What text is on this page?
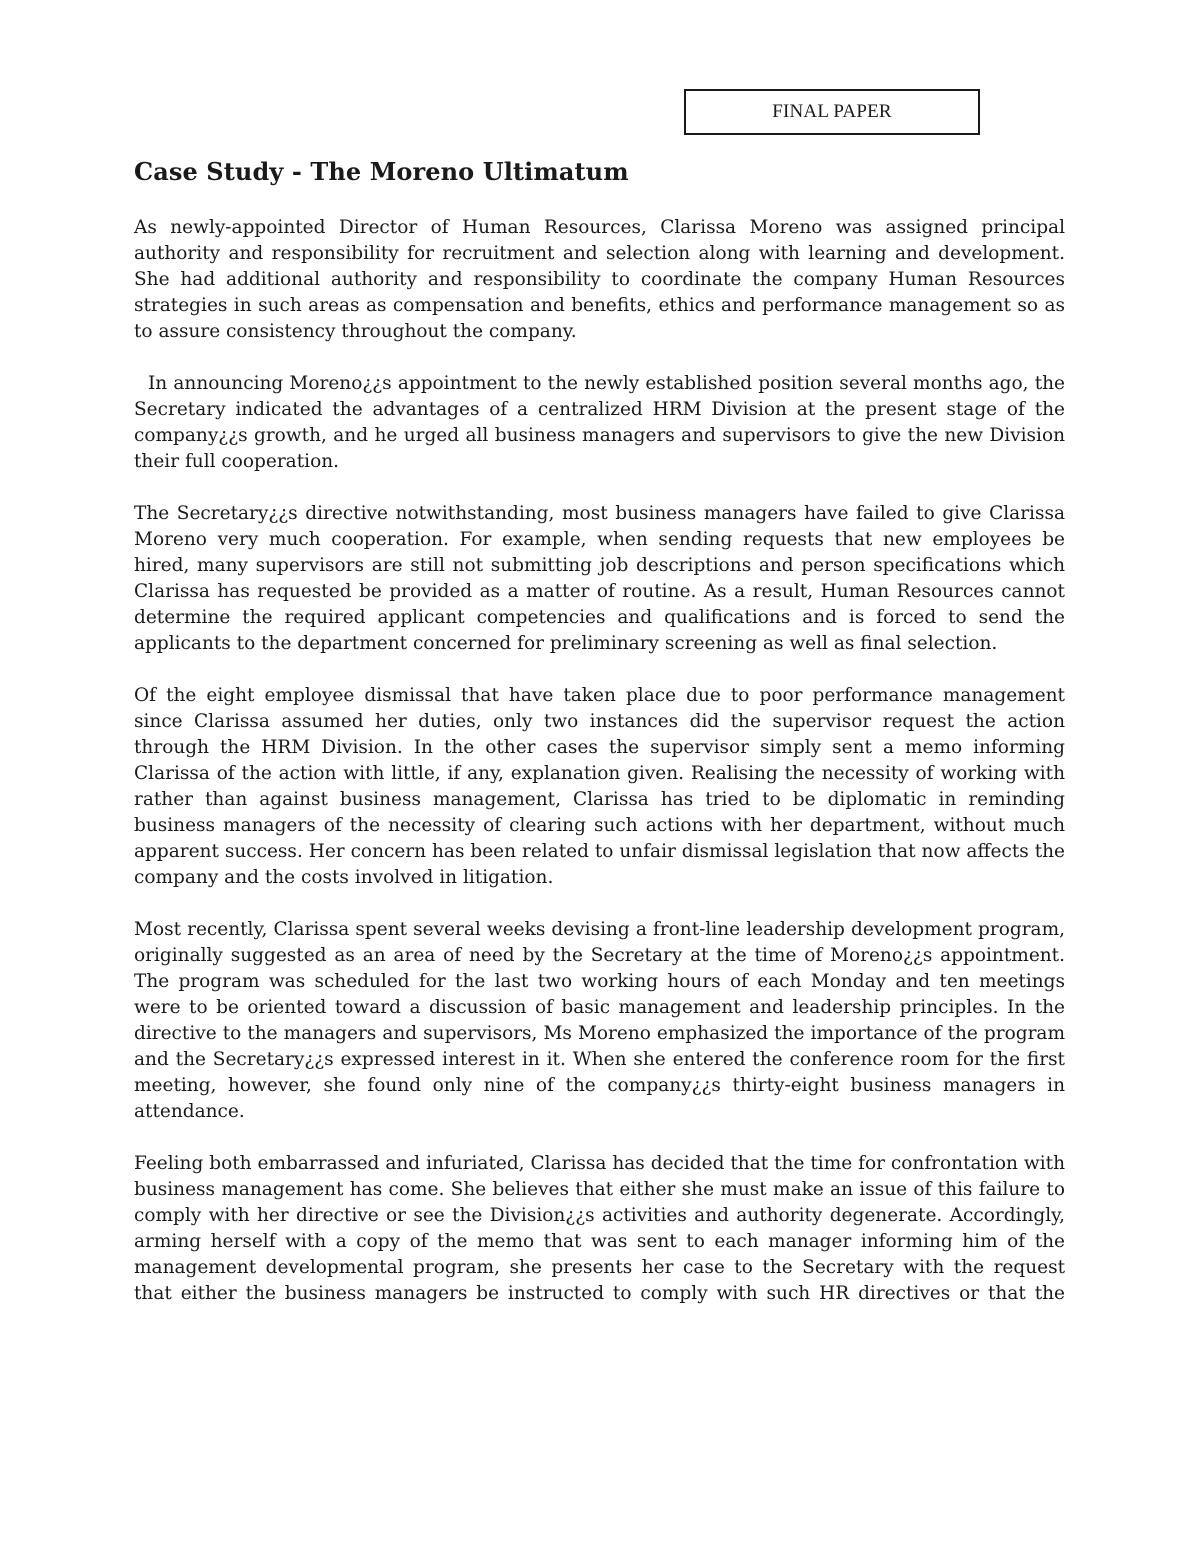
FINAL PAPER
Case Study - The Moreno Ultimatum

As newly-appointed Director of Human Resources, Clarissa Moreno was assigned principal authority and responsibility for recruitment and selection along with learning and development. She had additional authority and responsibility to coordinate the company Human Resources strategies in such areas as compensation and benefits, ethics and performance management so as to assure consistency throughout the company.

In announcing Moreno¿¿s appointment to the newly established position several months ago, the Secretary indicated the advantages of a centralized HRM Division at the present stage of the company¿¿s growth, and he urged all business managers and supervisors to give the new Division their full cooperation.

The Secretary¿¿s directive notwithstanding, most business managers have failed to give Clarissa Moreno very much cooperation. For example, when sending requests that new employees be hired, many supervisors are still not submitting job descriptions and person specifications which Clarissa has requested be provided as a matter of routine. As a result, Human Resources cannot determine the required applicant competencies and qualifications and is forced to send the applicants to the department concerned for preliminary screening as well as final selection.

Of the eight employee dismissal that have taken place due to poor performance management since Clarissa assumed her duties, only two instances did the supervisor request the action through the HRM Division. In the other cases the supervisor simply sent a memo informing Clarissa of the action with little, if any, explanation given. Realising the necessity of working with rather than against business management, Clarissa has tried to be diplomatic in reminding business managers of the necessity of clearing such actions with her department, without much apparent success. Her concern has been related to unfair dismissal legislation that now affects the company and the costs involved in litigation.

Most recently, Clarissa spent several weeks devising a front-line leadership development program, originally suggested as an area of need by the Secretary at the time of Moreno¿¿s appointment. The program was scheduled for the last two working hours of each Monday and ten meetings were to be oriented toward a discussion of basic management and leadership principles. In the directive to the managers and supervisors, Ms Moreno emphasized the importance of the program and the Secretary¿¿s expressed interest in it. When she entered the conference room for the first meeting, however, she found only nine of the company¿¿s thirty-eight business managers in attendance.

Feeling both embarrassed and infuriated, Clarissa has decided that the time for confrontation with business management has come. She believes that either she must make an issue of this failure to comply with her directive or see the Division¿¿s activities and authority degenerate. Accordingly, arming herself with a copy of the memo that was sent to each manager informing him of the management developmental program, she presents her case to the Secretary with the request that either the business managers be instructed to comply with such HR directives or that the
